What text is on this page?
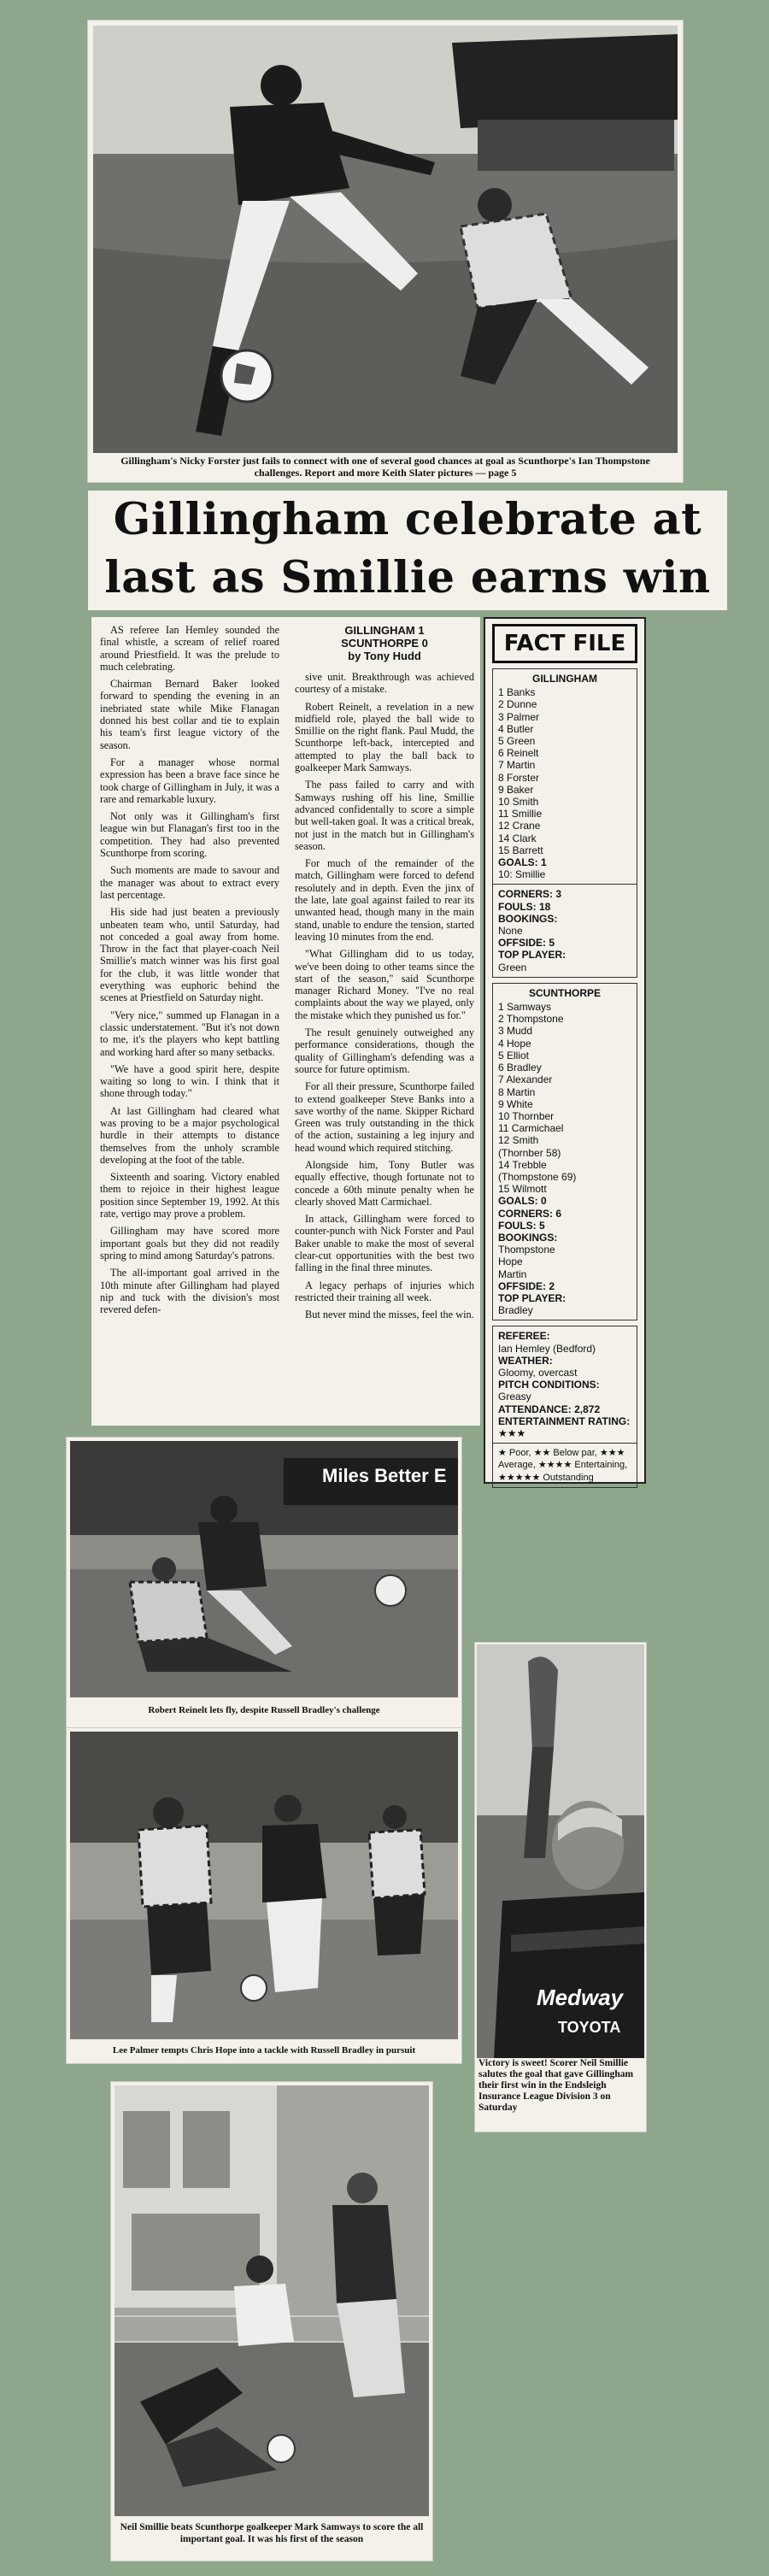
Gillingham's Nicky Forster just fails to connect with one of several good chances at goal as Scunthorpe's Ian Thompstone challenges. Report and more Keith Slater pictures — page 5
Gillingham celebrate at
last as Smillie earns win

AS referee Ian Hemley sounded the final whistle, a scream of relief roared around Priestfield. It was the prelude to much celebrating.

Chairman Bernard Baker looked forward to spending the evening in an inebriated state while Mike Flanagan donned his best collar and tie to explain his team's first league victory of the season.

For a manager whose normal expression has been a brave face since he took charge of Gillingham in July, it was a rare and remarkable luxury.

Not only was it Gillingham's first league win but Flanagan's first too in the competition. They had also prevented Scunthorpe from scoring.

Such moments are made to savour and the manager was about to extract every last percentage.

His side had just beaten a previously unbeaten team who, until Saturday, had not conceded a goal away from home. Throw in the fact that player-coach Neil Smillie's match winner was his first goal for the club, it was little wonder that everything was euphoric behind the scenes at Priestfield on Saturday night.

"Very nice," summed up Flanagan in a classic understatement. "But it's not down to me, it's the players who kept battling and working hard after so many setbacks.

"We have a good spirit here, despite waiting so long to win. I think that it shone through today."

At last Gillingham had cleared what was proving to be a major psychological hurdle in their attempts to distance themselves from the unholy scramble developing at the foot of the table.

Sixteenth and soaring. Victory enabled them to rejoice in their highest league position since September 19, 1992. At this rate, vertigo may prove a problem.

Gillingham may have scored more important goals but they did not readily spring to mind among Saturday's patrons.

The all-important goal arrived in the 10th minute after Gillingham had played nip and tuck with the division's most revered defen-

GILLINGHAM 1
SCUNTHORPE 0
by Tony Hudd

sive unit. Breakthrough was achieved courtesy of a mistake.

Robert Reinelt, a revelation in a new midfield role, played the ball wide to Smillie on the right flank. Paul Mudd, the Scunthorpe left-back, intercepted and attempted to play the ball back to goalkeeper Mark Samways.

The pass failed to carry and with Samways rushing off his line, Smillie advanced confidentally to score a simple but well-taken goal. It was a critical break, not just in the match but in Gillingham's season.

For much of the remainder of the match, Gillingham were forced to defend resolutely and in depth. Even the jinx of the late, late goal against failed to rear its unwanted head, though many in the main stand, unable to endure the tension, started leaving 10 minutes from the end.

"What Gillingham did to us today, we've been doing to other teams since the start of the season," said Scunthorpe manager Richard Money. "I've no real complaints about the way we played, only the mistake which they punished us for."

The result genuinely outweighed any performance considerations, though the quality of Gillingham's defending was a source for future optimism.

For all their pressure, Scunthorpe failed to extend goalkeeper Steve Banks into a save worthy of the name. Skipper Richard Green was truly outstanding in the thick of the action, sustaining a leg injury and head wound which required stitching.

Alongside him, Tony Butler was equally effective, though fortunate not to concede a 60th minute penalty when he clearly shoved Matt Carmichael.

In attack, Gillingham were forced to counter-punch with Nick Forster and Paul Baker unable to make the most of several clear-cut opportunities with the best two falling in the final three minutes.

A legacy perhaps of injuries which restricted their training all week.

But never mind the misses, feel the win.

FACT FILE
GILLINGHAM
1 Banks
2 Dunne
3 Palmer
4 Butler
5 Green
6 Reinelt
7 Martin
8 Forster
9 Baker
10 Smith
11 Smillie
12 Crane
14 Clark
15 Barrett
GOALS: 1
10: Smillie
CORNERS: 3
FOULS: 18
BOOKINGS:
None
OFFSIDE: 5
TOP PLAYER:
Green
SCUNTHORPE
1 Samways
2 Thompstone
3 Mudd
4 Hope
5 Elliot
6 Bradley
7 Alexander
8 Martin
9 White
10 Thornber
11 Carmichael
12 Smith
(Thornber 58)
14 Trebble
(Thompstone 69)
15 Wilmott
GOALS: 0
CORNERS: 6
FOULS: 5
BOOKINGS:
Thompstone
Hope
Martin
OFFSIDE: 2
TOP PLAYER:
Bradley
REFEREE:
Ian Hemley (Bedford)
WEATHER:
Gloomy, overcast
PITCH CONDITIONS:
Greasy
ATTENDANCE: 2,872
ENTERTAINMENT RATING: ★★★
★ Poor, ★★ Below par, ★★★ Average, ★★★★ Entertaining, ★★★★★ Outstanding
Miles Better E
Robert Reinelt lets fly, despite Russell Bradley's challenge
Lee Palmer tempts Chris Hope into a tackle with Russell Bradley in pursuit
Medway
TOYOTA
Victory is sweet! Scorer Neil Smillie salutes the goal that gave Gillingham their first win in the Endsleigh Insurance League Division 3 on Saturday
Neil Smillie beats Scunthorpe goalkeeper Mark Samways to score the all important goal. It was his first of the season
